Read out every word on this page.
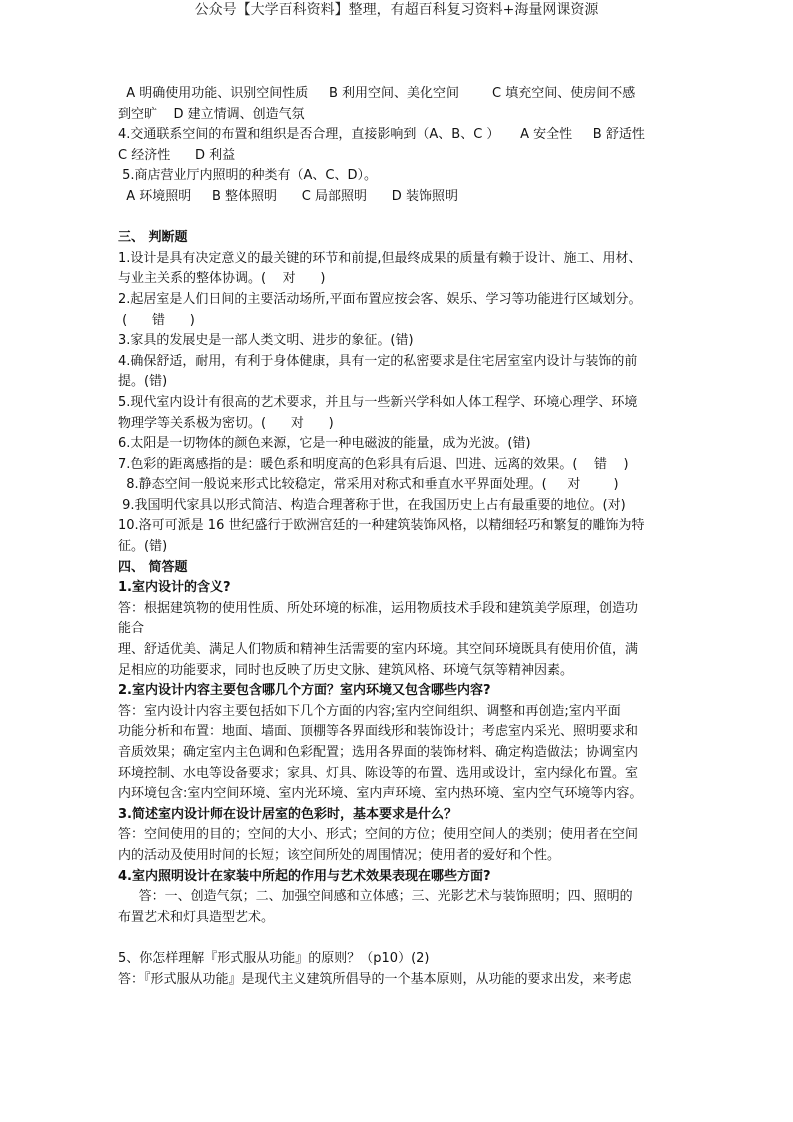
公众号【大学百科资料】整理，有超百科复习资料+海量网课资源
A 明确使用功能、识别空间性质     B 利用空间、美化空间        C 填充空间、使房间不感
到空旷    D 建立情调、创造气氛
4.交通联系空间的布置和组织是否合理，直接影响到（A、B、C ）     A 安全性     B 舒适性
C 经济性      D 利益
5.商店营业厅内照明的种类有（A、C、D）。
A 环境照明     B 整体照明      C 局部照明      D 装饰照明
三、 判断题
1.设计是具有决定意义的最关键的环节和前提,但最终成果的质量有赖于设计、施工、用材、
与业主关系的整体协调。(    对      )
2.起居室是人们日间的主要活动场所,平面布置应按会客、娱乐、学习等功能进行区域划分。
(      错      )
3.家具的发展史是一部人类文明、进步的象征。(错)
4.确保舒适，耐用，有利于身体健康，具有一定的私密要求是住宅居室室内设计与装饰的前
提。(错)
5.现代室内设计有很高的艺术要求，并且与一些新兴学科如人体工程学、环境心理学、环境
物理学等关系极为密切。(      对      )
6.太阳是一切物体的颜色来源，它是一种电磁波的能量，成为光波。(错)
7.色彩的距离感指的是：暖色系和明度高的色彩具有后退、凹进、远离的效果。(    错    )
8.静态空间一般说来形式比较稳定，常采用对称式和垂直水平界面处理。(     对        )
9.我国明代家具以形式简洁、构造合理著称于世，在我国历史上占有最重要的地位。(对)
10.洛可可派是 16 世纪盛行于欧洲宫廷的一种建筑装饰风格，以精细轻巧和繁复的雕饰为特
征。(错)
四、 简答题
1.室内设计的含义?
答：根据建筑物的使用性质、所处环境的标准，运用物质技术手段和建筑美学原理，创造功
能合
理、舒适优美、满足人们物质和精神生活需要的室内环境。其空间环境既具有使用价值，满
足相应的功能要求，同时也反映了历史文脉、建筑风格、环境气氛等精神因素。
2.室内设计内容主要包含哪几个方面？室内环境又包含哪些内容?
答：室内设计内容主要包括如下几个方面的内容;室内空间组织、调整和再创造;室内平面
功能分析和布置：地面、墙面、顶棚等各界面线形和装饰设计；考虑室内采光、照明要求和
音质效果；确定室内主色调和色彩配置；选用各界面的装饰材料、确定构造做法；协调室内
环境控制、水电等设备要求；家具、灯具、陈设等的布置、选用或设计，室内绿化布置。室
内环境包含:室内空间环境、室内光环境、室内声环境、室内热环境、室内空气环境等内容。
3.简述室内设计师在设计居室的色彩时，基本要求是什么？
答：空间使用的目的；空间的大小、形式；空间的方位；使用空间人的类别；使用者在空间
内的活动及使用时间的长短；该空间所处的周围情况；使用者的爱好和个性。
4.室内照明设计在家装中所起的作用与艺术效果表现在哪些方面?
答：一、创造气氛；二、加强空间感和立体感；三、光影艺术与装饰照明；四、照明的
布置艺术和灯具造型艺术。
5、你怎样理解『形式服从功能』的原则？（p10）(2)
答：『形式服从功能』是现代主义建筑所倡导的一个基本原则，从功能的要求出发，来考虑
